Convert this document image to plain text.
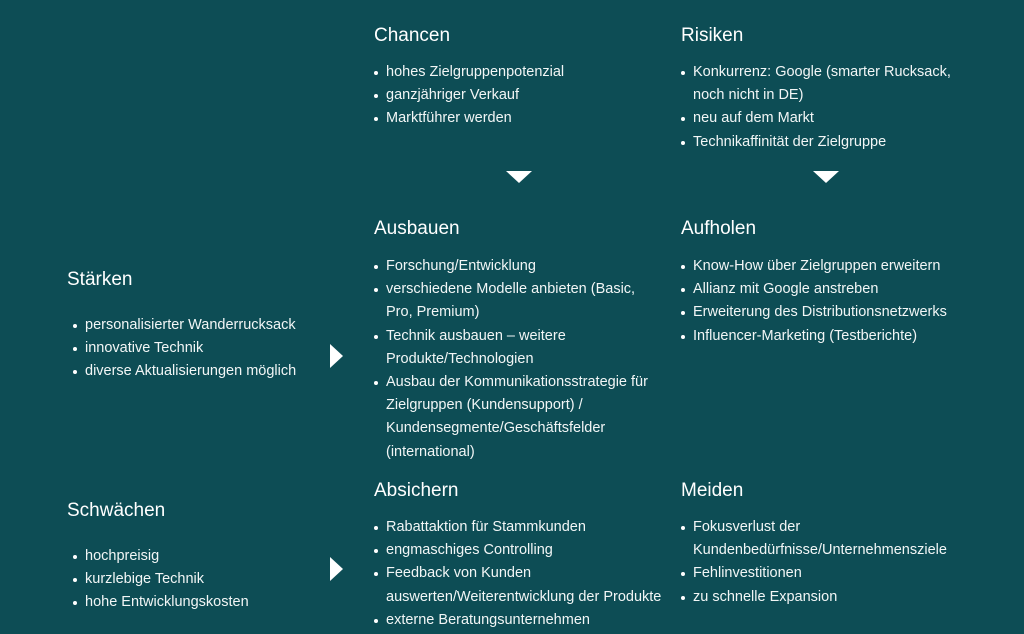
Chancen
hohes Zielgruppenpotenzial
ganzjähriger Verkauf
Marktführer werden
Risiken
Konkurrenz: Google (smarter Rucksack, noch nicht in DE)
neu auf dem Markt
Technikaffinität der Zielgruppe
Stärken
personalisierter Wanderrucksack
innovative Technik
diverse Aktualisierungen möglich
Ausbauen
Forschung/Entwicklung
verschiedene Modelle anbieten (Basic, Pro, Premium)
Technik ausbauen – weitere Produkte/Technologien
Ausbau der Kommunikationsstrategie für Zielgruppen (Kundensupport) / Kundensegmente/Geschäftsfelder (international)
Aufholen
Know-How über Zielgruppen erweitern
Allianz mit Google anstreben
Erweiterung des Distributionsnetzwerks
Influencer-Marketing (Testberichte)
Schwächen
hochpreisig
kurzlebige Technik
hohe Entwicklungskosten
Absichern
Rabattaktion für Stammkunden
engmaschiges Controlling
Feedback von Kunden auswerten/Weiterentwicklung der Produkte
externe Beratungsunternehmen
Meiden
Fokusverlust der Kundenbedürfnisse/Unternehmensziele
Fehlinvestitionen
zu schnelle Expansion
